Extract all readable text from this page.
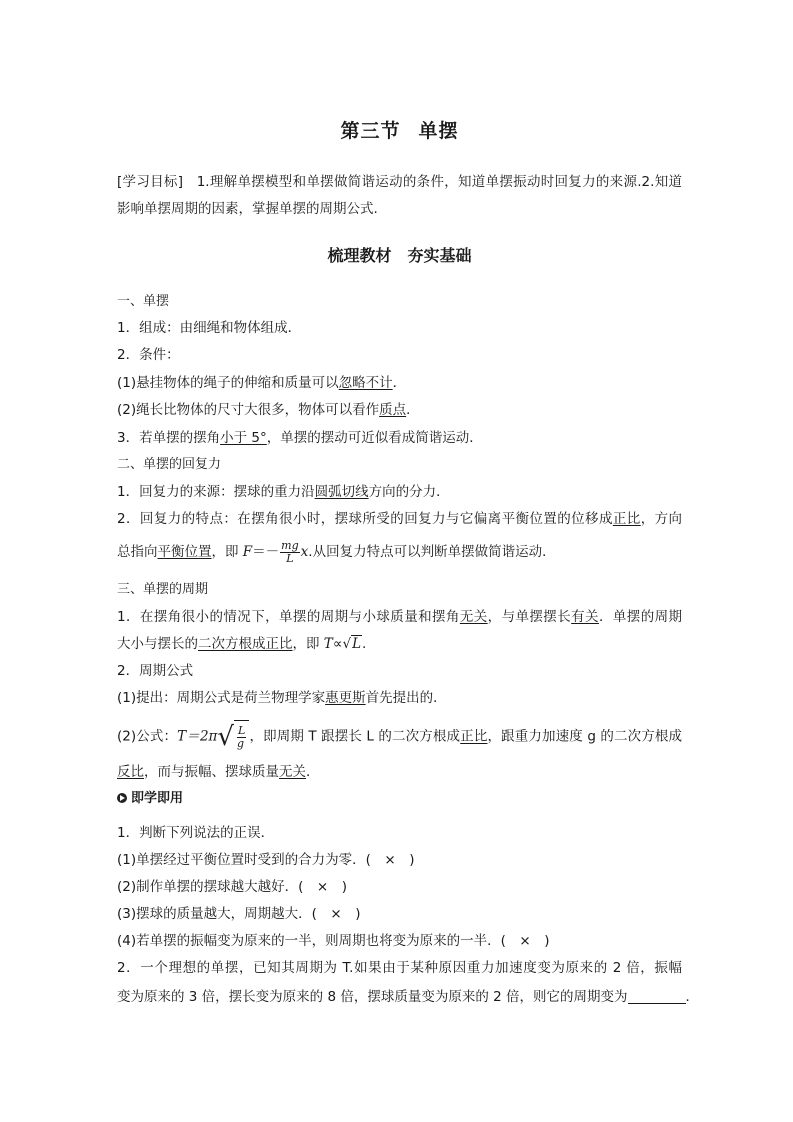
第三节 单摆
[学习目标] 1.理解单摆模型和单摆做简谐运动的条件，知道单摆振动时回复力的来源.2.知道
影响单摆周期的因素，掌握单摆的周期公式.
梳理教材 夯实基础
一、单摆
1．组成：由细绳和物体组成．
2．条件：
(1)悬挂物体的绳子的伸缩和质量可以忽略不计．
(2)绳长比物体的尺寸大很多，物体可以看作质点．
3．若单摆的摆角小于 5°，单摆的摆动可近似看成简谐运动．
二、单摆的回复力
1．回复力的来源：摆球的重力沿圆弧切线方向的分力．
2．回复力的特点：在摆角很小时，摆球所受的回复力与它偏离平衡位置的位移成正比，方向
总指向平衡位置，即 $F=- \frac{mg}{L} x$.从回复力特点可以判断单摆做简谐运动．
三、单摆的周期
1．在摆角很小的情况下，单摆的周期与小球质量和摆角无关，与单摆摆长有关．单摆的周期
大小与摆长的二次方根成正比，即 T∝√L.
2．周期公式
(1)提出：周期公式是荷兰物理学家惠更斯首先提出的．
(2)公式：T＝2π √ $\frac{L}{g}$ ，即周期 T 跟摆长 L 的二次方根成正比，跟重力加速度 g 的二次方根成
反比，而与振幅、摆球质量无关．
即学即用
1．判断下列说法的正误．
(1)单摆经过平衡位置时受到的合力为零．(　×　)
(2)制作单摆的摆球越大越好．(　×　)
(3)摆球的质量越大，周期越大．(　×　)
(4)若单摆的振幅变为原来的一半，则周期也将变为原来的一半．(　×　)
2．一个理想的单摆，已知其周期为 T.如果由于某种原因重力加速度变为原来的 2 倍，振幅
变为原来的 3 倍，摆长变为原来的 8 倍，摆球质量变为原来的 2 倍，则它的周期变为	．
